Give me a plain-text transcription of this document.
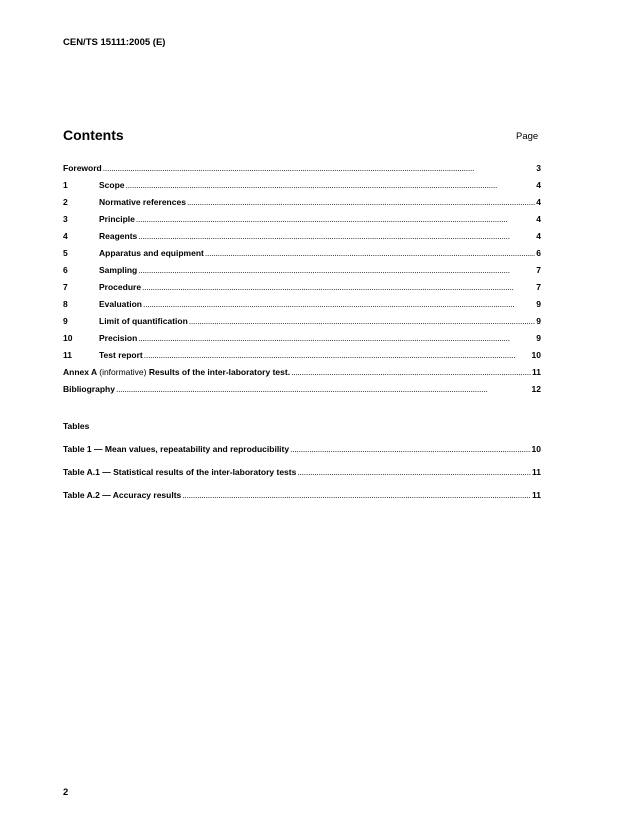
CEN/TS 15111:2005 (E)
Contents	Page
Foreword . . .	3
1	Scope . . .	4
2	Normative references . . .	4
3	Principle . . .	4
4	Reagents . . .	4
5	Apparatus and equipment . . .	6
6	Sampling . . .	7
7	Procedure . . .	7
8	Evaluation . . .	9
9	Limit of quantification . . .	9
10	Precision . . .	9
11	Test report . . .	10
Annex A (informative) Results of the inter-laboratory test. . . .	11
Bibliography . . .	12
Tables
Table 1 — Mean values, repeatability and reproducibility . . .	10
Table A.1 — Statistical results of the inter-laboratory tests . . .	11
Table A.2 — Accuracy results . . .	11
2
